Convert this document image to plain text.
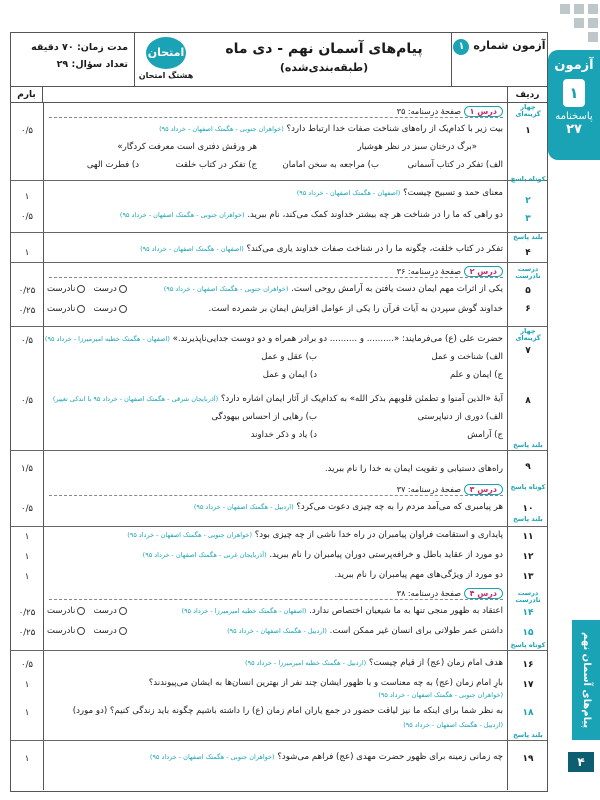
آزمون
۱
پاسخنامه
۲۷
پیام‌های آسمان نهم
۴
آزمون شماره ۱
پیام‌های آسمان نهم - دی ماه
(طبقه‌بندی‌شده)
امتحان
هشتگ امتحان
مدت زمان: ۷۰ دقیقه
تعداد سؤال: ۲۹
ردیف
بارم
درس ۱ صفحهٔ درسنامه: ۳۵
بیت زیر با کدام‌یک از راه‌های شناخت صفات خدا ارتباط دارد؟ (خواهران جنوبی - هگمتک اصفهان - خرداد ۹۵)
«برگ درختان سبز در نظر هوشیار
هر ورقش دفتری است معرفت کردگار»
الف) تفکر در کتاب آسمانی
ب) مراجعه به سخن امامان
ج) تفکر در کتاب خلقت
د) فطرت الهی
معنای حمد و تسبیح چیست؟ (اصفهان - هگمتک اصفهان - خرداد ۹۵)
دو راهی که ما را در شناخت هر چه بیشتر خداوند کمک می‌کند، نام ببرید. (خواهران جنوبی - هگمتک اصفهان - خرداد ۹۵)
تفکر در کتاب خلقت، چگونه ما را در شناخت صفات خداوند یاری می‌کند؟ (اصفهان - هگمتک اصفهان - خرداد ۹۵)
درس ۲ صفحهٔ درسنامه: ۳۶
یکی از اثرات مهم ایمان دست یافتن به آرامش روحی است. (خواهران جنوبی - هگمتک اصفهان - خرداد ۹۵)
درست   نادرست
خداوند گوش سپردن به آیات قرآن را یکی از عوامل افزایش ایمان بر شمرده است.
درست   نادرست
حضرت علی (ع) می‌فرمایند: «.......... و .......... دو برادر همراه و دو دوست جدایی‌ناپذیرند.» (اصفهان - هگمتک خطبه امیرمیرزا - خرداد ۹۵)
الف) شناخت و عمل
ب) عقل و عمل
ج) ایمان و علم
د) ایمان و عمل
آیهٔ «الذین آمنوا و تطمئن قلوبهم بذکر الله» به کدام‌یک از آثار ایمان اشاره دارد؟ (آذربایجان شرقی - هگمتک اصفهان - خرداد ۹۵ با اندکی تغییر)
الف) دوری از دنیاپرستی
ب) رهایی از احساس بیهودگی
ج) آرامش
د) یاد و ذکر خداوند
راه‌های دستیابی و تقویت ایمان به خدا را نام ببرید.
درس ۳ صفحهٔ درسنامه: ۳۷
هر پیامبری که می‌آمد مردم را به چه چیزی دعوت می‌کرد؟ (اردبیل - هگمتک اصفهان - خرداد ۹۵)
پایداری و استقامت فراوان پیامبران در راه خدا ناشی از چه چیزی بود؟ (خواهران جنوبی - هگمتک اصفهان - خرداد ۹۵)
دو مورد از عقاید باطل و خرافه‌پرستی دوران پیامبران را نام ببرید. (آذربایجان غربی - هگمتک اصفهان - خرداد ۹۵)
دو مورد از ویژگی‌های مهم پیامبران را نام ببرید.
درس ۴ صفحهٔ درسنامه: ۳۸
اعتقاد به ظهور منجی تنها به ما شیعیان اختصاص ندارد. (اصفهان - هگمتک خطبه امیرمیرزا - خرداد ۹۵)
درست   نادرست
داشتن عمر طولانی برای انسان غیر ممکن است. (اردبیل - هگمتک اصفهان - خرداد ۹۵)
درست   نادرست
هدف امام زمان (عج) از قیام چیست؟ (اردبیل - هگمتک خطبه امیرمیرزا - خرداد ۹۵)
بارِ امام زمان (عج) به چه معناست و با ظهور ایشان چند نفر از بهترین انسان‌ها به ایشان می‌پیوندند؟
(خواهران جنوبی - هگمتک اصفهان - خرداد ۹۵)
به نظر شما برای اینکه ما نیز لیاقت حضور در جمع یاران امام زمان (ع) را داشته باشیم چگونه باید زندگی کنیم؟ (دو مورد)
(اردبیل - هگمتک اصفهان - خرداد ۹۵)
چه زمانی زمینه برای ظهور حضرت مهدی (عج) فراهم می‌شود؟ (خواهران جنوبی - هگمتک اصفهان - خرداد ۹۵)
چهار گزینه‌ای
۱
کوتاه پاسخ
۲
۳
بلند پاسخ
۴
درست نادرست
۵
۶
چهار گزینه‌ای
۷
۸
بلند پاسخ
۹
کوتاه پاسخ
۱۰
بلند پاسخ
۱۱
۱۲
۱۳
درست نادرست
۱۴
۱۵
کوتاه پاسخ
۱۶
۱۷
۱۸
بلند پاسخ
۱۹
۰/۵
۱
۰/۵
۱
۰/۲۵
۰/۲۵
۰/۵
۰/۵
۱/۵
۰/۵
۱
۱
۱
۰/۲۵
۰/۲۵
۰/۵
۱
۱
۱
